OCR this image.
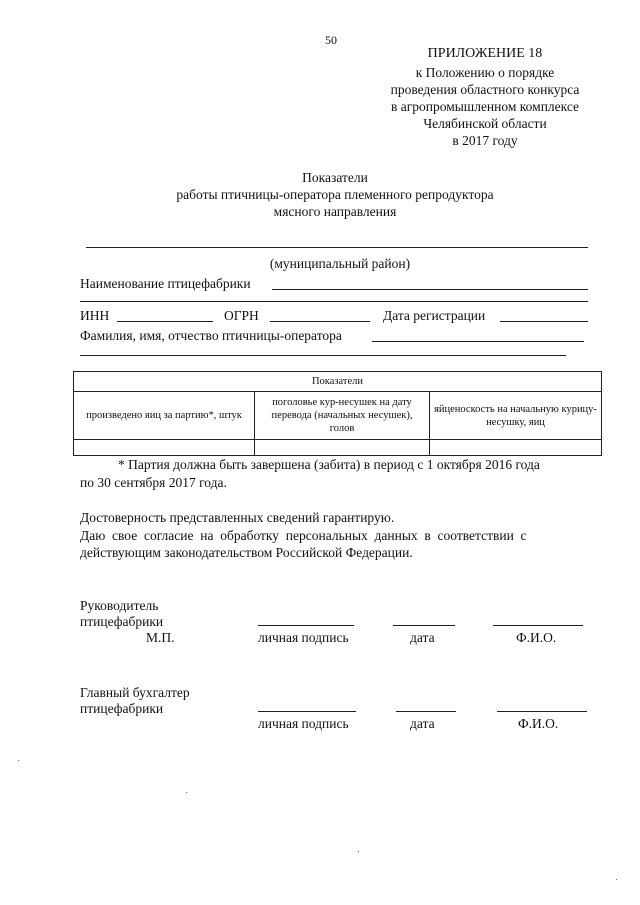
50
ПРИЛОЖЕНИЕ 18
к Положению о порядке
проведения областного конкурса
в агропромышленном комплексе
Челябинской области
в 2017 году
Показатели
работы птичницы-оператора племенного репродуктора
мясного направления
(муниципальный район)
Наименование птицефабрики
ИНН	ОГРН	Дата регистрации
Фамилия, имя, отчество птичницы-оператора
Показатели		
произведено яиц за партию*, штук	поголовье кур-несушек на дату перевода (начальных несушек), голов	яйценоскость на начальную курицу-несушку, яиц

* Партия должна быть завершена (забита) в период с 1 октября 2016 года
по 30 сентября 2017 года.
Достоверность представленных сведений гарантирую.
Даю  свое  согласие  на  обработку  персональных  данных  в  соответствии  с
действующим законодательством Российской Федерации.
Руководитель
птицефабрики
М.П.	личная подпись	дата	Ф.И.О.
Главный бухгалтер
птицефабрики
личная подпись	дата	Ф.И.О.
